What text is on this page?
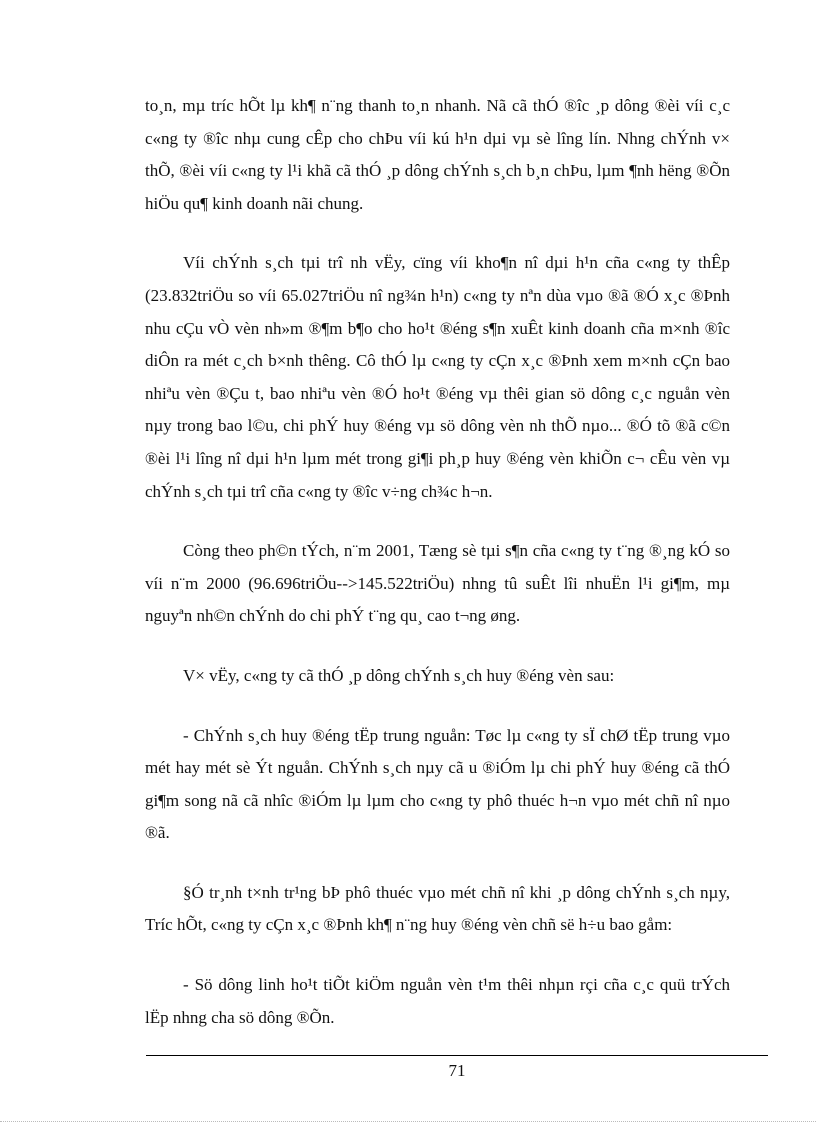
to¸n, mµ tríc hÕt lµ kh¶ n¨ng thanh to¸n nhanh. Nã cã thÓ ®îc ¸p dông ®èi víi c¸c c«ng ty ®îc nhµ cung cÊp cho chÞu víi kú h¹n dµi vµ sè lîng lín. Nhng chÝnh v× thÕ, ®èi víi c«ng ty l¹i khã cã thÓ ¸p dông chÝnh s¸ch b¸n chÞu, lµm ¶nh hëng ®Õn hiÖu qu¶ kinh doanh nãi chung.

Víi chÝnh s¸ch tµi trî nh vËy, cïng víi kho¶n nî dµi h¹n cña c«ng ty thÊp (23.832triÖu so víi 65.027triÖu nî ng¾n h¹n) c«ng ty nªn dùa vµo ®ã ®Ó x¸c ®Þnh nhu cÇu vÒ vèn nh»m ®¶m b¶o cho ho¹t ®éng s¶n xuÊt kinh doanh cña m×nh ®îc diÔn ra mét c¸ch b×nh thêng. Cô thÓ lµ c«ng ty cÇn x¸c ®Þnh xem m×nh cÇn bao nhiªu vèn ®Çu t, bao nhiªu vèn ®Ó ho¹t ®éng vµ thêi gian sö dông c¸c nguån vèn nµy trong bao l©u, chi phÝ huy ®éng vµ sö dông vèn nh thÕ nµo... ®Ó tõ ®ã c©n ®èi l¹i lîng nî dµi h¹n lµm mét trong gi¶i ph¸p huy ®éng vèn khiÕn c¬ cÊu vèn vµ chÝnh s¸ch tµi trî cña c«ng ty ®îc v÷ng ch¾c h¬n.

Còng theo ph©n tÝch, n¨m 2001, Tæng sè tµi s¶n cña c«ng ty t¨ng ®¸ng kÓ so víi n¨m 2000 (96.696triÖu-->145.522triÖu) nhng tû suÊt lîi nhuËn l¹i gi¶m, mµ nguyªn nh©n chÝnh do chi phÝ t¨ng qu¸ cao t¬ng øng.

V× vËy, c«ng ty cã thÓ ¸p dông chÝnh s¸ch huy ®éng vèn sau:

- ChÝnh s¸ch huy ®éng tËp trung nguån: Tøc lµ c«ng ty sÏ chØ tËp trung vµo mét hay mét sè Ýt nguån. ChÝnh s¸ch nµy cã u ®iÓm lµ chi phÝ huy ®éng cã thÓ gi¶m song nã cã nhîc ®iÓm lµ lµm cho c«ng ty phô thuéc h¬n vµo mét chñ nî nµo ®ã.

§Ó tr¸nh t×nh tr¹ng bÞ phô thuéc vµo mét chñ nî khi ¸p dông chÝnh s¸ch nµy, Tríc hÕt, c«ng ty cÇn x¸c ®Þnh kh¶ n¨ng huy ®éng vèn chñ së h÷u bao gåm:

- Sö dông linh ho¹t tiÕt kiÖm nguån vèn t¹m thêi nhµn rçi cña c¸c quü trÝch lËp nhng cha sö dông ®Õn.

71
